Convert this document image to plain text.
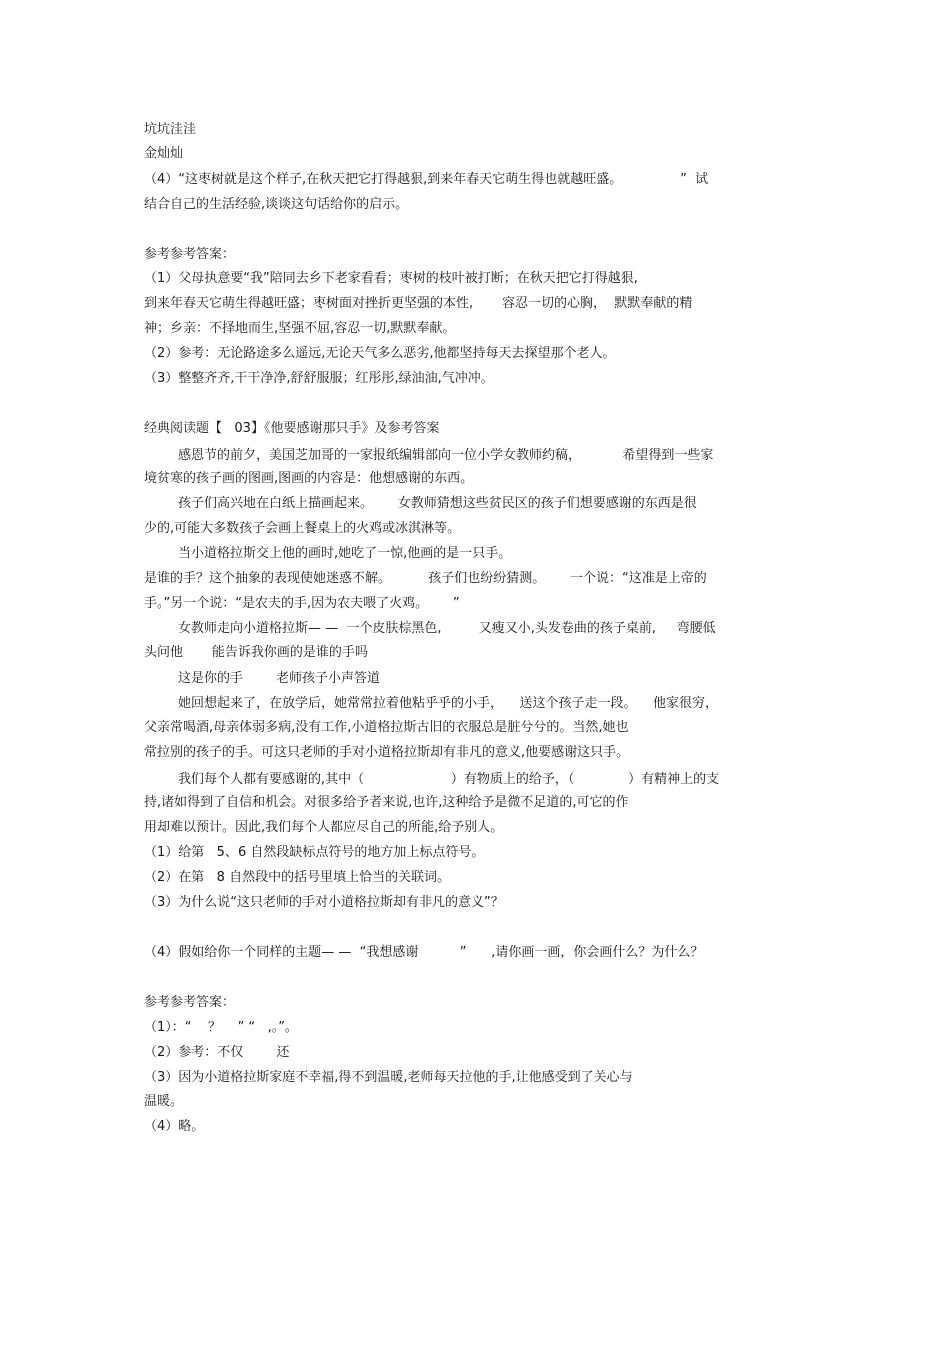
坑坑洼洼
金灿灿
（4）“这枣树就是这个样子,在秋天把它打得越狠,到来年春天它萌生得也就越旺盛。              ”  试
结合自己的生活经验,谈谈这句话给你的启示。
参考参考答案：
（1）父母执意要“我”陪同去乡下老家看看；枣树的枝叶被打断；在秋天把它打得越狠,
到来年春天它萌生得越旺盛；枣树面对挫折更坚强的本性,       容忍一切的心胸，  默默奉献的精
神；乡亲：不择地而生,坚强不屈,容忍一切,默默奉献。
（2）参考：无论路途多么遥远,无论天气多么恶劣,他都坚持每天去探望那个老人。
（3）整整齐齐,干干净净,舒舒服服；红彤彤,绿油油,气冲冲。
经典阅读题【   03】《他要感谢那只手》及参考答案
感恩节的前夕，美国芝加哥的一家报纸编辑部向一位小学女教师约稿，          希望得到一些家
境贫寒的孩子画的图画,图画的内容是：他想感谢的东西。
孩子们高兴地在白纸上描画起来。      女教师猜想这些贫民区的孩子们想要感谢的东西是很
少的,可能大多数孩子会画上餐桌上的火鸡或冰淇淋等。
当小道格拉斯交上他的画时,她吃了一惊,他画的是一只手。
是谁的手？这个抽象的表现使她迷惑不解。         孩子们也纷纷猜测。      一个说：“这准是上帝的
手。”另一个说：“是农夫的手,因为农夫喂了火鸡。      ”
女教师走向小道格拉斯— —  一个皮肤棕黑色,         又瘦又小,头发卷曲的孩子桌前,     弯腰低
头问他       能告诉我你画的是谁的手吗
这是你的手        老师孩子小声答道
她回想起来了，在放学后，她常常拉着他粘乎乎的小手，    送这个孩子走一段。    他家很穷，
父亲常喝酒,母亲体弱多病,没有工作,小道格拉斯古旧的衣服总是脏兮兮的。当然,她也
常拉别的孩子的手。可这只老师的手对小道格拉斯却有非凡的意义,他要感谢这只手。
我们每个人都有要感谢的,其中（                     ）有物质上的给予，（             ）有精神上的支
持,诸如得到了自信和机会。对很多给予者来说,也许,这种给予是微不足道的,可它的作
用却难以预计。因此,我们每个人都应尽自己的所能,给予别人。
（1）给第   5、6 自然段缺标点符号的地方加上标点符号。
（2）在第   8 自然段中的括号里填上恰当的关联词。
（3）为什么说“这只老师的手对小道格拉斯却有非凡的意义”？
（4）假如给你一个同样的主题— —  “我想感谢          ”      ,请你画一画，你会画什么？为什么？
参考参考答案：
（1）：“    ？    ” “   ,。”。
（2）参考：不仅        还
（3）因为小道格拉斯家庭不幸福,得不到温暖,老师每天拉他的手,让他感受到了关心与
温暖。
（4）略。
